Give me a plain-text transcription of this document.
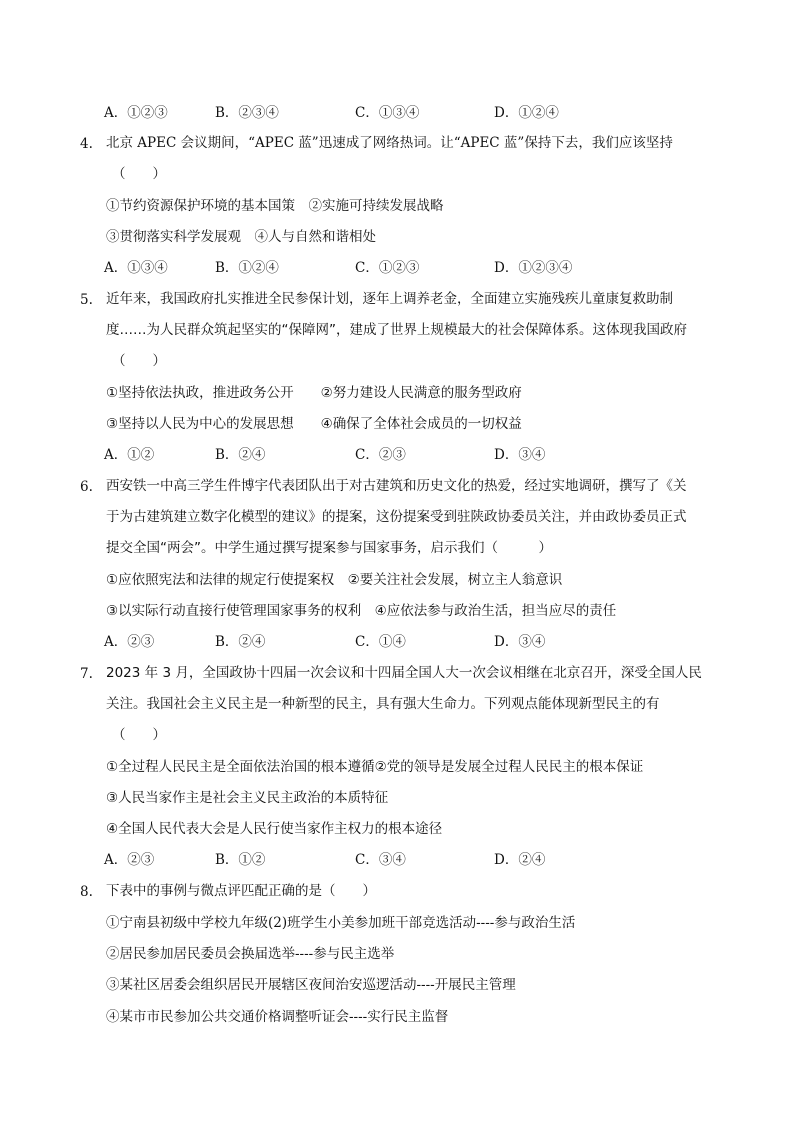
A．①②③	B．②③④	C．①③④	D．①②④
4. 北京 APEC 会议期间，“APEC 蓝”迅速成了网络热词。让“APEC 蓝”保持下去，我们应该坚持
（　　）
①节约资源保护环境的基本国策　②实施可持续发展战略
③贯彻落实科学发展观　④人与自然和谐相处
A．①③④	B．①②④	C．①②③	D．①②③④
5. 近年来，我国政府扎实推进全民参保计划，逐年上调养老金，全面建立实施残疾儿童康复救助制
度……为人民群众筑起坚实的“保障网”，建成了世界上规模最大的社会保障体系。这体现我国政府
（　　）
①坚持依法执政，推进政务公开　　②努力建设人民满意的服务型政府
③坚持以人民为中心的发展思想　　④确保了全体社会成员的一切权益
A．①②	B．②④	C．②③	D．③④
6. 西安铁一中高三学生件博宇代表团队出于对古建筑和历史文化的热爱，经过实地调研，撰写了《关
于为古建筑建立数字化模型的建议》的提案，这份提案受到驻陕政协委员关注，并由政协委员正式
提交全国“两会”。中学生通过撰写提案参与国家事务，启示我们（　　　）
①应依照宪法和法律的规定行使提案权　②要关注社会发展，树立主人翁意识
③以实际行动直接行使管理国家事务的权利　④应依法参与政治生活，担当应尽的责任
A．②③	B．②④	C．①④	D．③④
7. 2023 年 3 月，全国政协十四届一次会议和十四届全国人大一次会议相继在北京召开，深受全国人民
关注。我国社会主义民主是一种新型的民主，具有强大生命力。下列观点能体现新型民主的有
（　　）
①全过程人民民主是全面依法治国的根本遵循②党的领导是发展全过程人民民主的根本保证
③人民当家作主是社会主义民主政治的本质特征
④全国人民代表大会是人民行使当家作主权力的根本途径
A．②③	B．①②	C．③④	D．②④
8. 下表中的事例与微点评匹配正确的是（　　）
①宁南县初级中学校九年级(2)班学生小美参加班干部竞选活动----参与政治生活
②居民参加居民委员会换届选举----参与民主选举
③某社区居委会组织居民开展辖区夜间治安巡逻活动----开展民主管理
④某市市民参加公共交通价格调整听证会----实行民主监督
